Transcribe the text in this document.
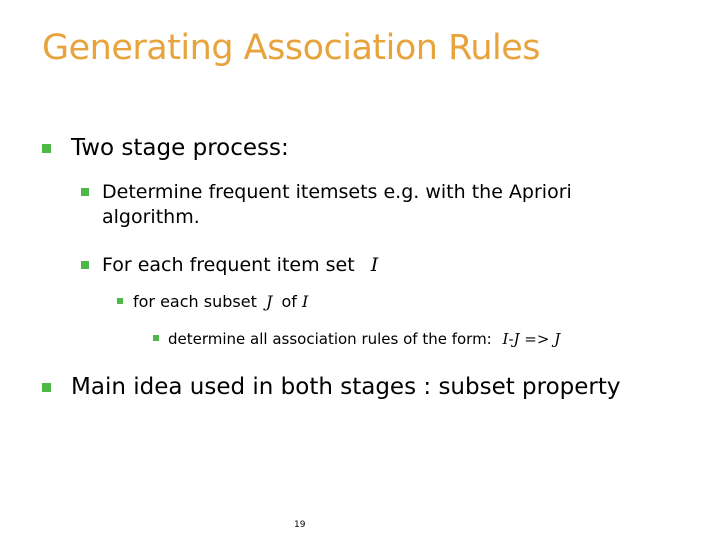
Generating Association Rules
Two stage process:
Determine frequent itemsets e.g. with the Apriori
algorithm.
For each frequent item set I
for each subset J of I
determine all association rules of the form: I-J => J
Main idea used in both stages : subset property
19
